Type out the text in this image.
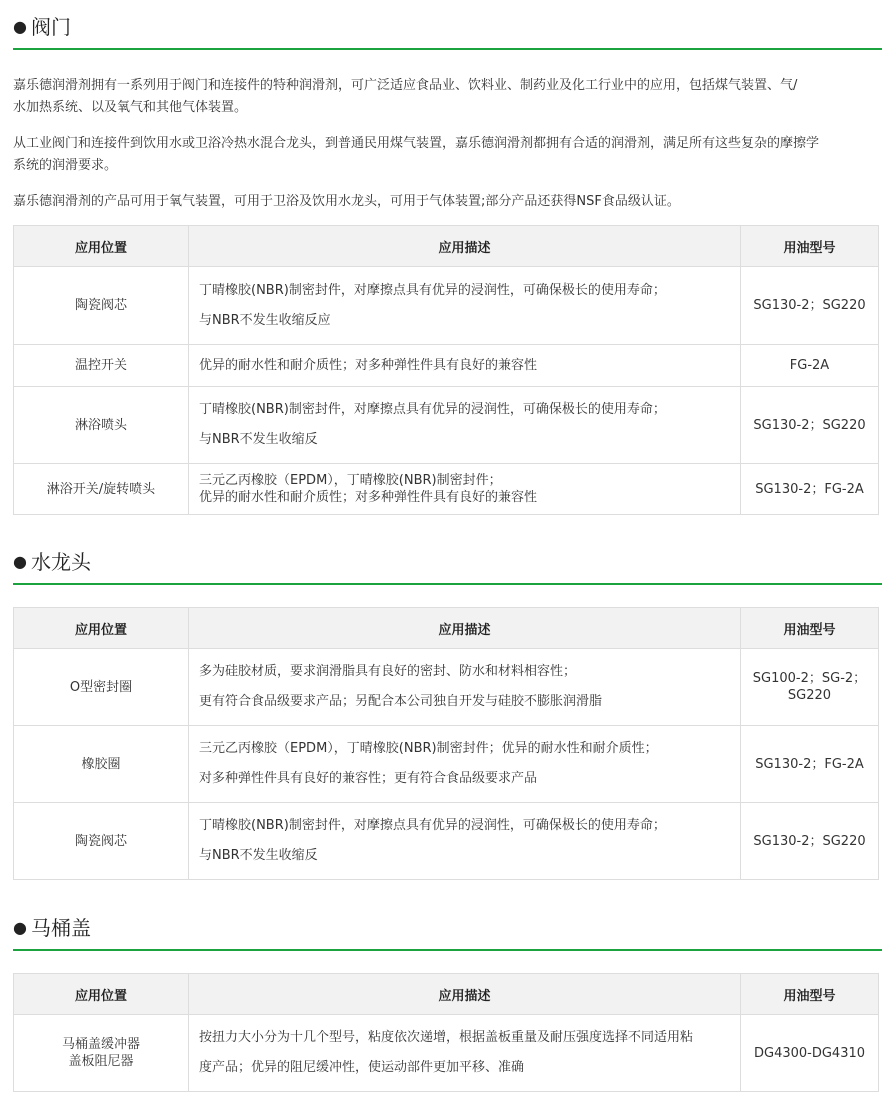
● 阀门
嘉乐德润滑剂拥有一系列用于阀门和连接件的特种润滑剂，可广泛适应食品业、饮料业、制药业及化工行业中的应用，包括煤气装置、气/
水加热系统、以及氧气和其他气体装置。
从工业阀门和连接件到饮用水或卫浴冷热水混合龙头，到普通民用煤气装置，嘉乐德润滑剂都拥有合适的润滑剂，满足所有这些复杂的摩擦学
系统的润滑要求。
嘉乐德润滑剂的产品可用于氧气装置，可用于卫浴及饮用水龙头，可用于气体装置;部分产品还获得NSF食品级认证。
应用位置	应用描述	用油型号

陶瓷阀芯	丁晴橡胶(NBR)制密封件，对摩擦点具有优异的浸润性，可确保极长的使用寿命；
与NBR不发生收缩反应	SG130-2；SG220

温控开关	优异的耐水性和耐介质性；对多种弹性件具有良好的兼容性	FG-2A

淋浴喷头	丁晴橡胶(NBR)制密封件，对摩擦点具有优异的浸润性，可确保极长的使用寿命；
与NBR不发生收缩反	SG130-2；SG220

淋浴开关/旋转喷头	三元乙丙橡胶（EPDM），丁晴橡胶(NBR)制密封件；
优异的耐水性和耐介质性；对多种弹性件具有良好的兼容性	SG130-2；FG-2A
● 水龙头
应用位置	应用描述	用油型号

O型密封圈	多为硅胶材质，要求润滑脂具有良好的密封、防水和材料相容性；
更有符合食品级要求产品；另配合本公司独自开发与硅胶不膨胀润滑脂	SG100-2；SG-2；SG220

橡胶圈	三元乙丙橡胶（EPDM），丁晴橡胶(NBR)制密封件；优异的耐水性和耐介质性；
对多种弹性件具有良好的兼容性；更有符合食品级要求产品	SG130-2；FG-2A

陶瓷阀芯	丁晴橡胶(NBR)制密封件，对摩擦点具有优异的浸润性，可确保极长的使用寿命；
与NBR不发生收缩反	SG130-2；SG220
● 马桶盖
应用位置	应用描述	用油型号

马桶盖缓冲器
盖板阻尼器	按扭力大小分为十几个型号，粘度依次递增，根据盖板重量及耐压强度选择不同适用粘
度产品；优异的阻尼缓冲性，使运动部件更加平移、准确	DG4300-DG4310
